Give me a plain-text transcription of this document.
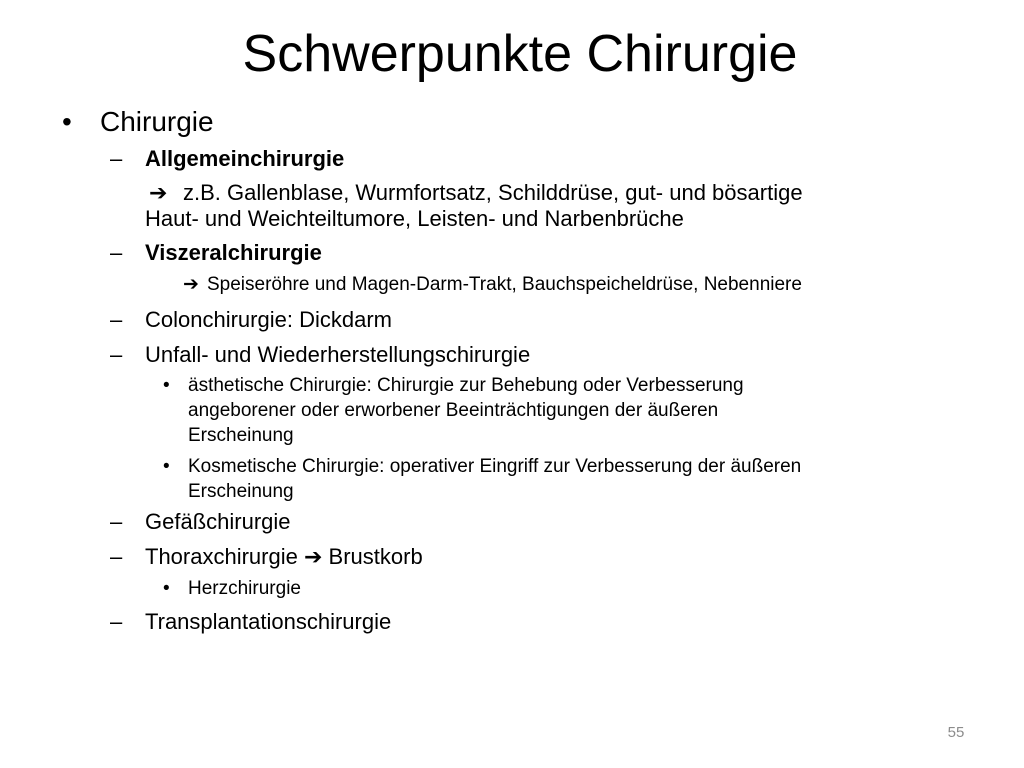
Schwerpunkte Chirurgie
• Chirurgie
– Allgemeinchirurgie
➔ z.B. Gallenblase, Wurmfortsatz, Schilddrüse, gut- und bösartige
Haut- und Weichteiltumore, Leisten- und Narbenbrüche
– Viszeralchirurgie
➔ Speiseröhre und Magen-Darm-Trakt, Bauchspeicheldrüse, Nebenniere
– Colonchirurgie: Dickdarm
– Unfall- und Wiederherstellungschirurgie
• ästhetische Chirurgie: Chirurgie zur Behebung oder Verbesserung
angeborener oder erworbener Beeinträchtigungen der äußeren
Erscheinung
• Kosmetische Chirurgie: operativer Eingriff zur Verbesserung der äußeren
Erscheinung
– Gefäßchirurgie
– Thoraxchirurgie ➔ Brustkorb
• Herzchirurgie
– Transplantationschirurgie
55
